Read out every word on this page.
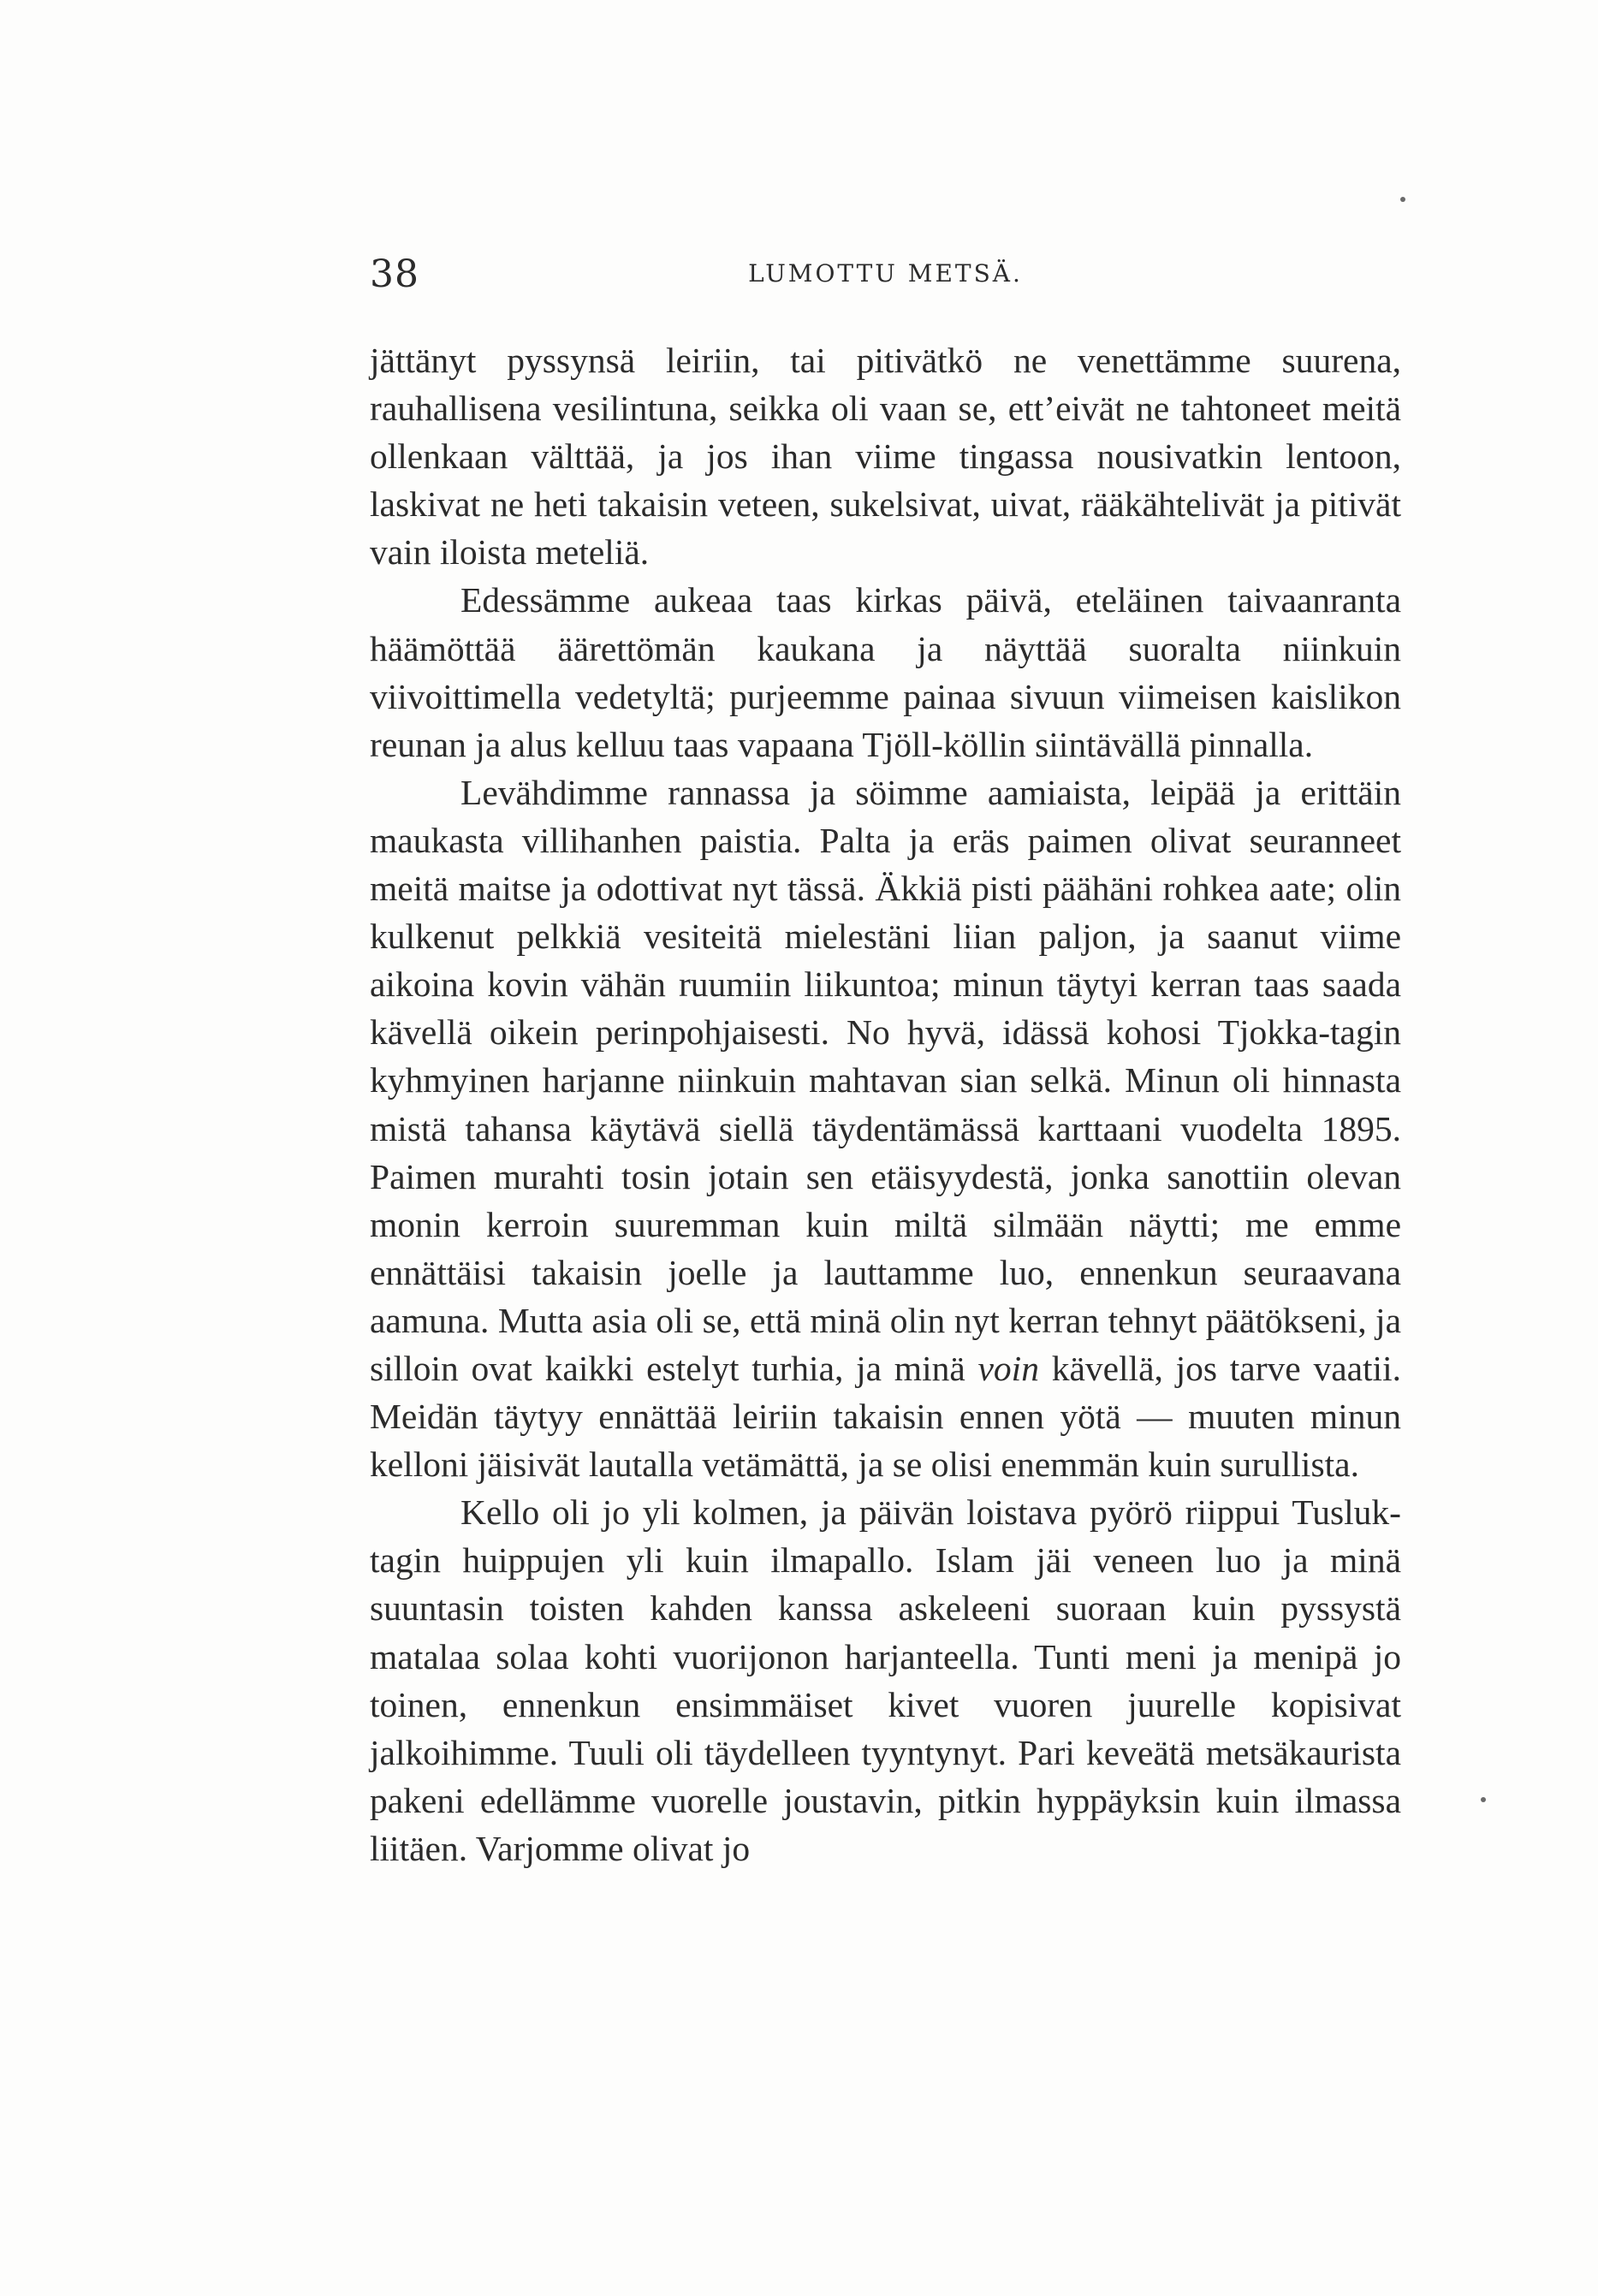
38	LUMOTTU METSÄ.

jättänyt pyssynsä leiriin, tai pitivätkö ne venettämme suurena, rauhallisena vesilintuna, seikka oli vaan se, ett’eivät ne tahtoneet meitä ollenkaan välttää, ja jos ihan viime tingassa nousivatkin lentoon, laskivat ne heti takaisin veteen, sukelsivat, uivat, rääkähtelivät ja pitivät vain iloista meteliä.

Edessämme aukeaa taas kirkas päivä, eteläinen taivaanranta häämöttää äärettömän kaukana ja näyttää suoralta niinkuin viivoittimella vedetyltä; purjeemme painaa sivuun viimeisen kaislikon reunan ja alus kelluu taas vapaana Tjöll-köllin siintävällä pinnalla.

Levähdimme rannassa ja söimme aamiaista, leipää ja erittäin maukasta villihanhen paistia. Palta ja eräs paimen olivat seuranneet meitä maitse ja odottivat nyt tässä. Äkkiä pisti päähäni rohkea aate; olin kulkenut pelkkiä vesiteitä mielestäni liian paljon, ja saanut viime aikoina kovin vähän ruumiin liikuntoa; minun täytyi kerran taas saada kävellä oikein perinpohjaisesti. No hyvä, idässä kohosi Tjokka-tagin kyhmyinen harjanne niinkuin mahtavan sian selkä. Minun oli hinnasta mistä tahansa käytävä siellä täydentämässä karttaani vuodelta 1895. Paimen murahti tosin jotain sen etäisyydestä, jonka sanottiin olevan monin kerroin suuremman kuin miltä silmään näytti; me emme ennättäisi takaisin joelle ja lauttamme luo, ennenkun seuraavana aamuna. Mutta asia oli se, että minä olin nyt kerran tehnyt päätökseni, ja silloin ovat kaikki estelyt turhia, ja minä voin kävellä, jos tarve vaatii. Meidän täytyy ennättää leiriin takaisin ennen yötä — muuten minun kelloni jäisivät lautalla vetämättä, ja se olisi enemmän kuin surullista.

Kello oli jo yli kolmen, ja päivän loistava pyörö riippui Tusluk-tagin huippujen yli kuin ilmapallo. Islam jäi veneen luo ja minä suuntasin toisten kahden kanssa askeleeni suoraan kuin pyssystä matalaa solaa kohti vuorijonon harjanteella. Tunti meni ja menipä jo toinen, ennenkun ensimmäiset kivet vuoren juurelle kopisivat jalkoihimme. Tuuli oli täydelleen tyyntynyt. Pari keveätä metsäkauristа pakeni edellämme vuorelle joustavin, pitkin hyppäyksin kuin ilmassa liitäen. Varjomme olivat jo
